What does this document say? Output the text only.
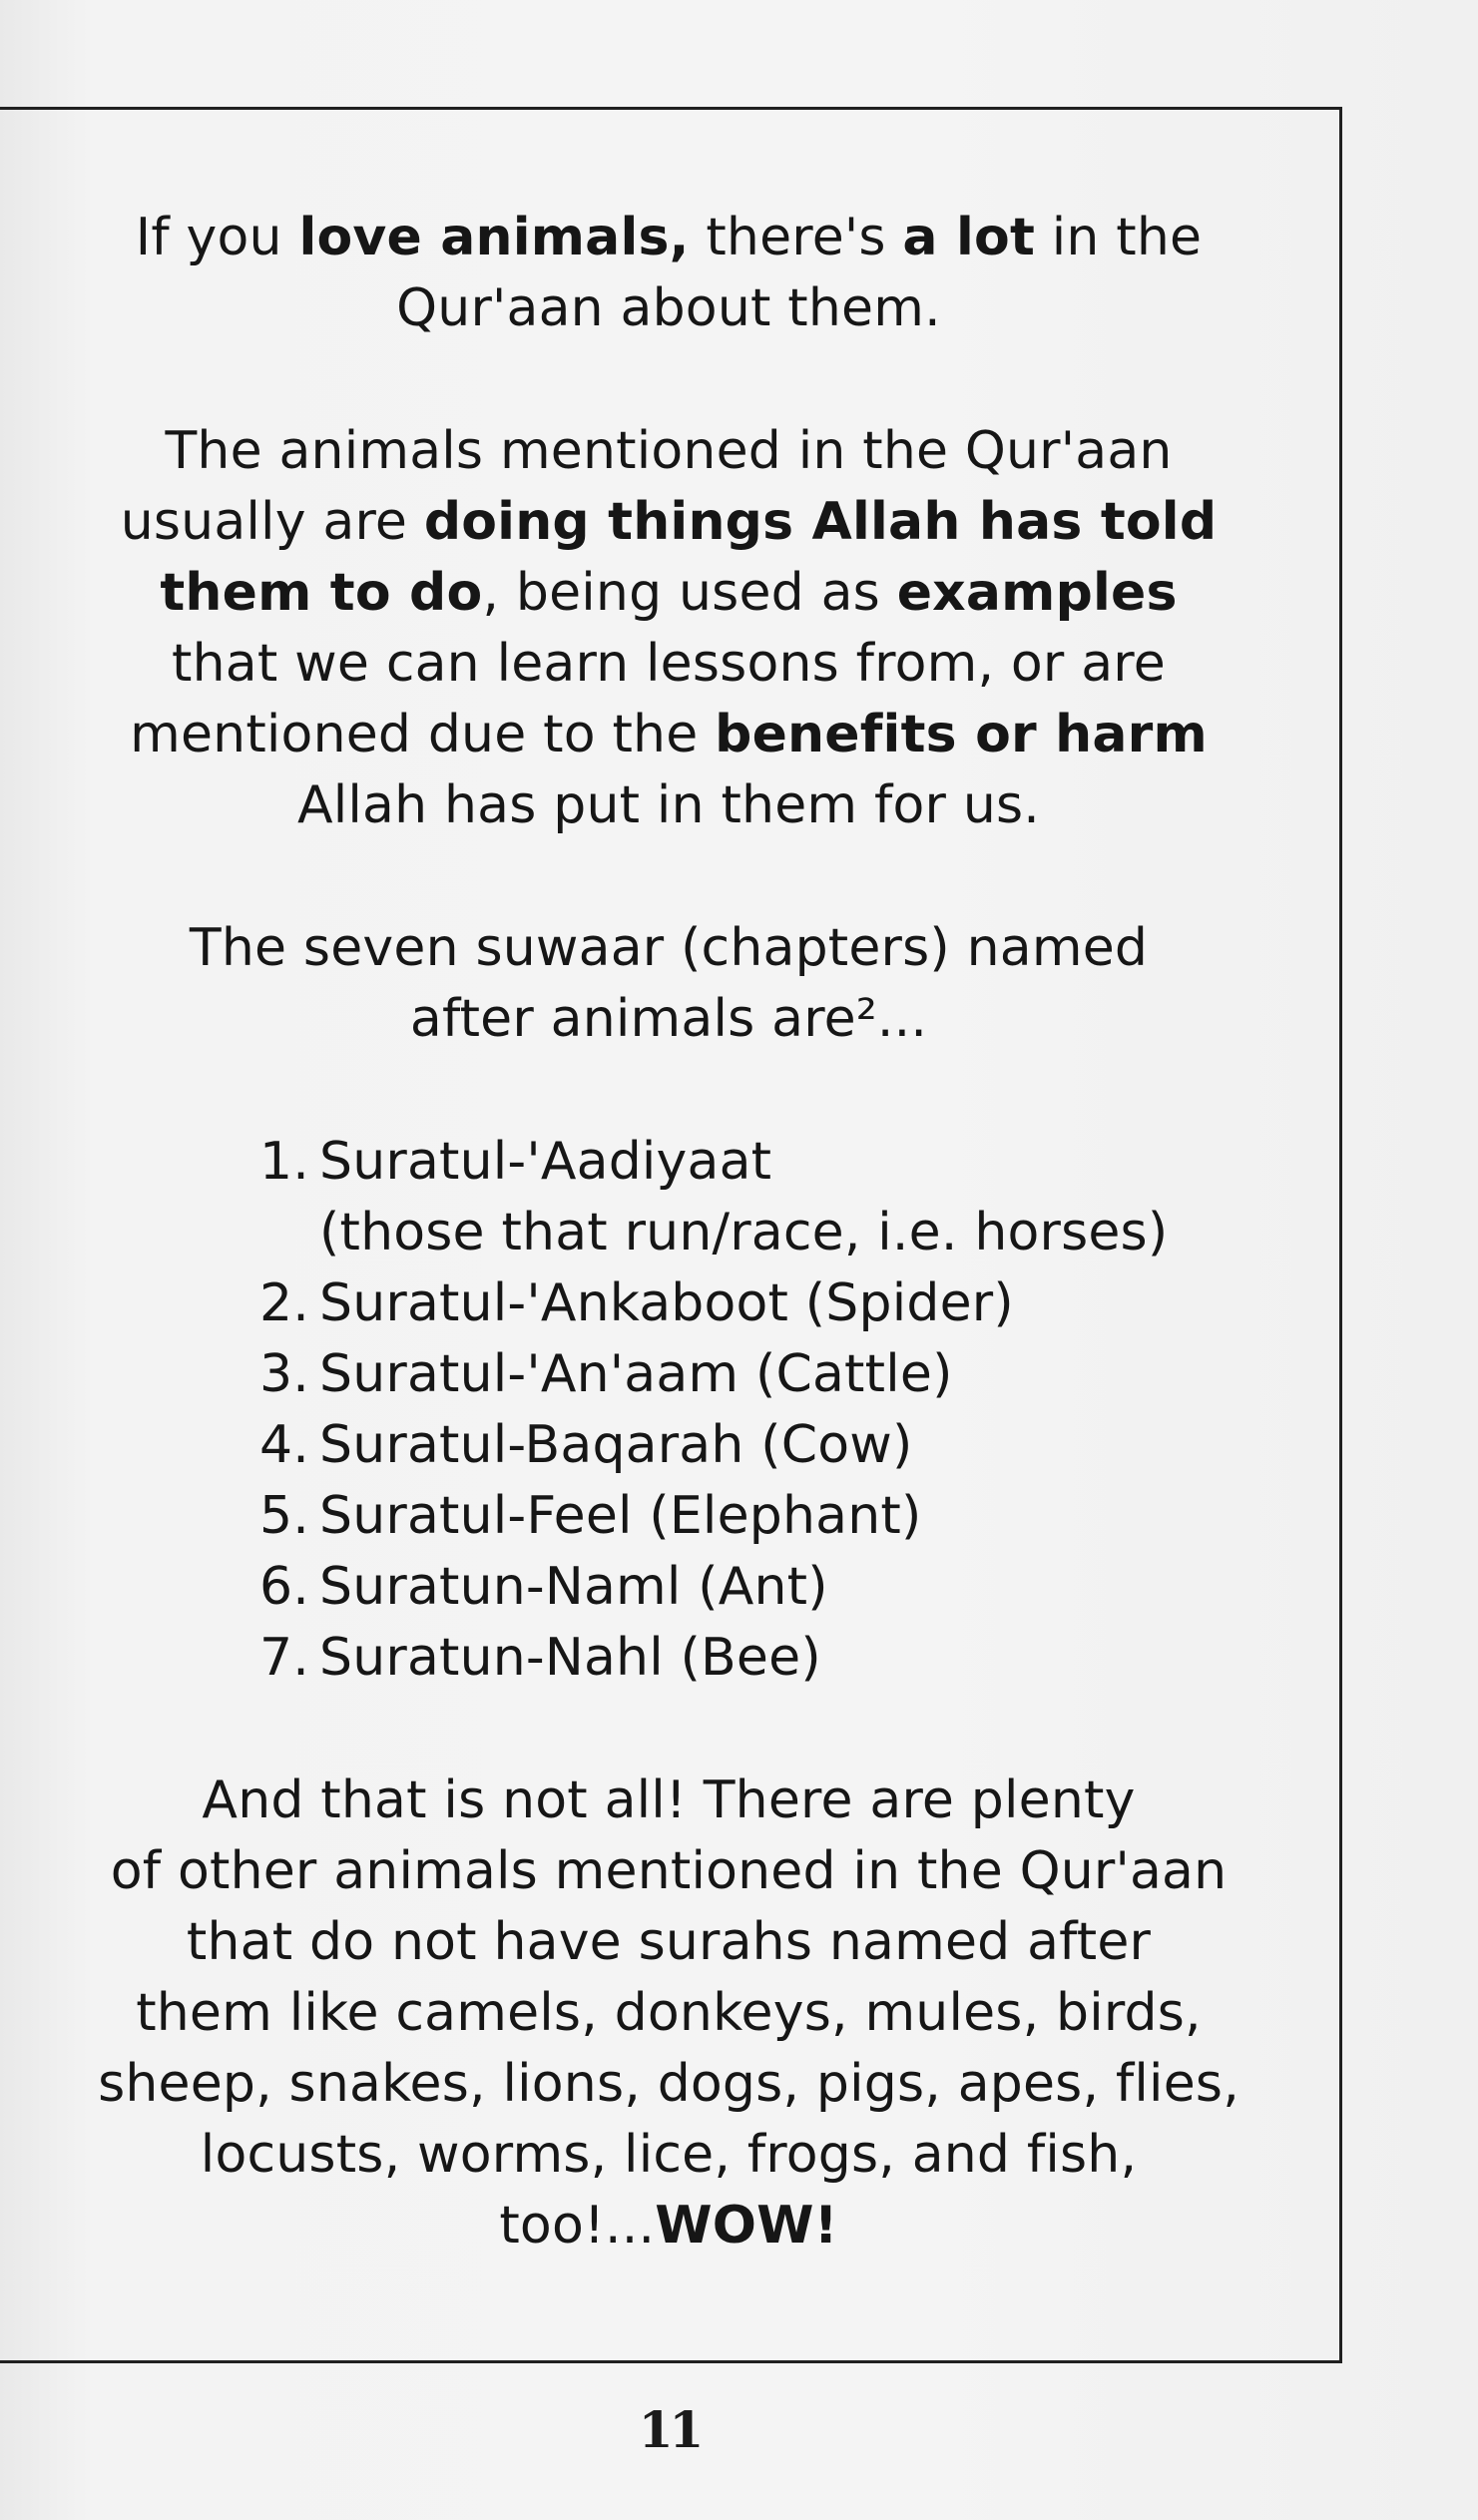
If you love animals, there's a lot in the
Qur'aan about them.

The animals mentioned in the Qur'aan
usually are doing things Allah has told
them to do, being used as examples
that we can learn lessons from, or are
mentioned due to the benefits or harm
Allah has put in them for us.

The seven suwaar (chapters) named
after animals are²...

1. Suratul-'Aadiyaat
(those that run/race, i.e. horses)
2. Suratul-'Ankaboot (Spider)
3. Suratul-'An'aam (Cattle)
4. Suratul-Baqarah (Cow)
5. Suratul-Feel (Elephant)
6. Suratun-Naml (Ant)
7. Suratun-Nahl (Bee)

And that is not all! There are plenty
of other animals mentioned in the Qur'aan
that do not have surahs named after
them like camels, donkeys, mules, birds,
sheep, snakes, lions, dogs, pigs, apes, flies,
locusts, worms, lice, frogs, and fish,
too!...WOW!

11
